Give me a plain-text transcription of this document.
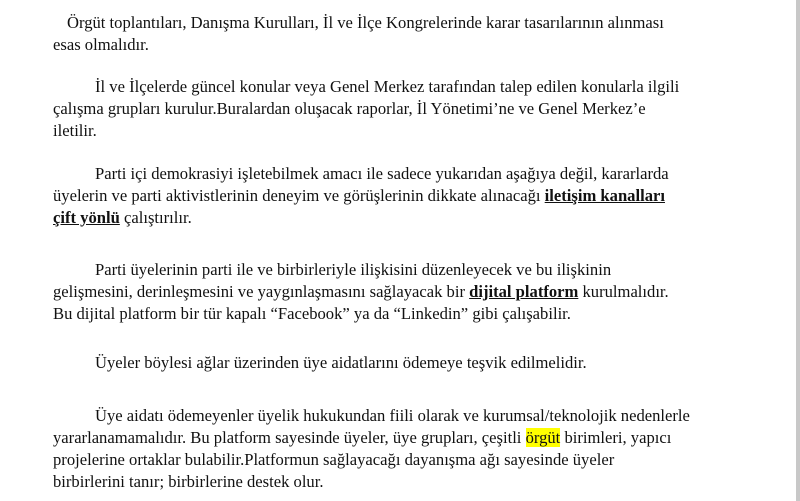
Örgüt toplantıları, Danışma Kurulları, İl ve İlçe Kongrelerinde karar tasarılarının alınması
esas olmalıdır.
İl ve İlçelerde güncel konular veya Genel Merkez tarafından talep edilen konularla ilgili
çalışma grupları kurulur.Buralardan oluşacak raporlar, İl Yönetimi’ne ve Genel Merkez’e
iletilir.
Parti içi demokrasiyi işletebilmek amacı ile sadece yukarıdan aşağıya değil, kararlarda
üyelerin ve parti aktivistlerinin deneyim ve görüşlerinin dikkate alınacağı iletişim kanalları
çift yönlü çalıştırılır.
Parti üyelerinin parti ile ve birbirleriyle ilişkisini düzenleyecek ve bu ilişkinin
gelişmesini, derinleşmesini ve yaygınlaşmasını sağlayacak bir dijital platform kurulmalıdır.
Bu dijital platform bir tür kapalı “Facebook” ya da “Linkedin” gibi çalışabilir.
Üyeler böylesi ağlar üzerinden üye aidatlarını ödemeye teşvik edilmelidir.
Üye aidatı ödemeyenler üyelik hukukundan fiili olarak ve kurumsal/teknolojik nedenlerle
yararlanamamalıdır. Bu platform sayesinde üyeler, üye grupları, çeşitli örgüt birimleri, yapıcı
projelerine ortaklar bulabilir.Platformun sağlayacağı dayanışma ağı sayesinde üyeler
birbirlerini tanır; birbirlerine destek olur.
